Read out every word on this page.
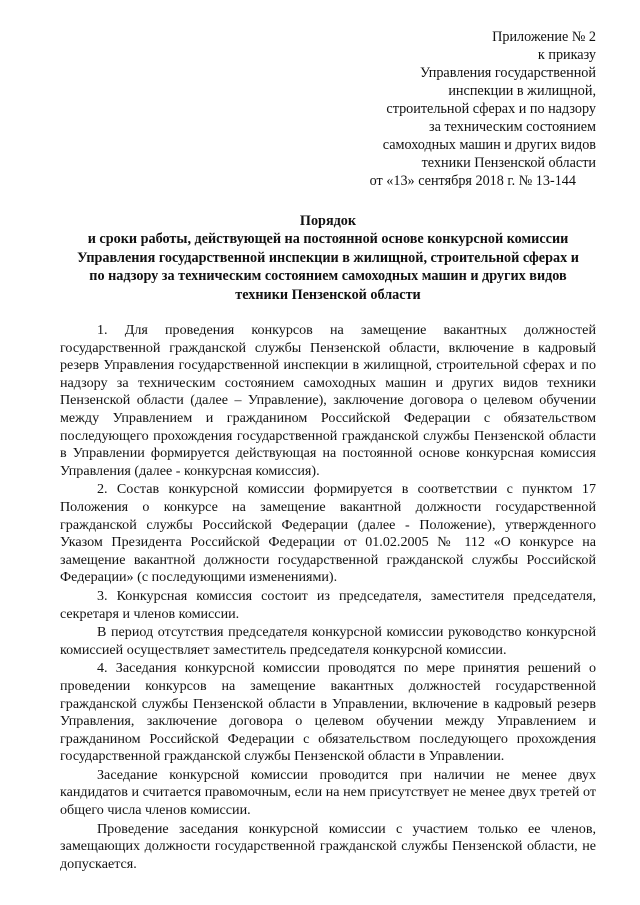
Приложение № 2
к приказу
Управления государственной
инспекции в жилищной,
строительной сферах и по надзору
за техническим состоянием
самоходных машин и других видов
техники Пензенской области
от «13» сентября 2018 г. № 13-144
Порядок
и сроки работы, действующей на постоянной основе конкурсной комиссии
Управления государственной инспекции в жилищной, строительной сферах и
по надзору за техническим состоянием самоходных машин и других видов
техники Пензенской области

1. Для проведения конкурсов на замещение вакантных должностей государственной гражданской службы Пензенской области, включение в кадровый резерв Управления государственной инспекции в жилищной, строительной сферах и по надзору за техническим состоянием самоходных машин и других видов техники Пензенской области (далее – Управление), заключение договора о целевом обучении между Управлением и гражданином Российской Федерации с обязательством последующего прохождения государственной гражданской службы Пензенской области в Управлении формируется действующая на постоянной основе конкурсная комиссия Управления (далее - конкурсная комиссия).

2. Состав конкурсной комиссии формируется в соответствии с пунктом 17 Положения о конкурсе на замещение вакантной должности государственной гражданской службы Российской Федерации (далее - Положение), утвержденного Указом Президента Российской Федерации от 01.02.2005 № 112 «О конкурсе на замещение вакантной должности государственной гражданской службы Российской Федерации» (с последующими изменениями).

3. Конкурсная комиссия состоит из председателя, заместителя председателя, секретаря и членов комиссии.

В период отсутствия председателя конкурсной комиссии руководство конкурсной комиссией осуществляет заместитель председателя конкурсной комиссии.

4. Заседания конкурсной комиссии проводятся по мере принятия решений о проведении конкурсов на замещение вакантных должностей государственной гражданской службы Пензенской области в Управлении, включение в кадровый резерв Управления, заключение договора о целевом обучении между Управлением и гражданином Российской Федерации с обязательством последующего прохождения государственной гражданской службы Пензенской области в Управлении.

Заседание конкурсной комиссии проводится при наличии не менее двух кандидатов и считается правомочным, если на нем присутствует не менее двух третей от общего числа членов комиссии.

Проведение заседания конкурсной комиссии с участием только ее членов, замещающих должности государственной гражданской службы Пензенской области, не допускается.
